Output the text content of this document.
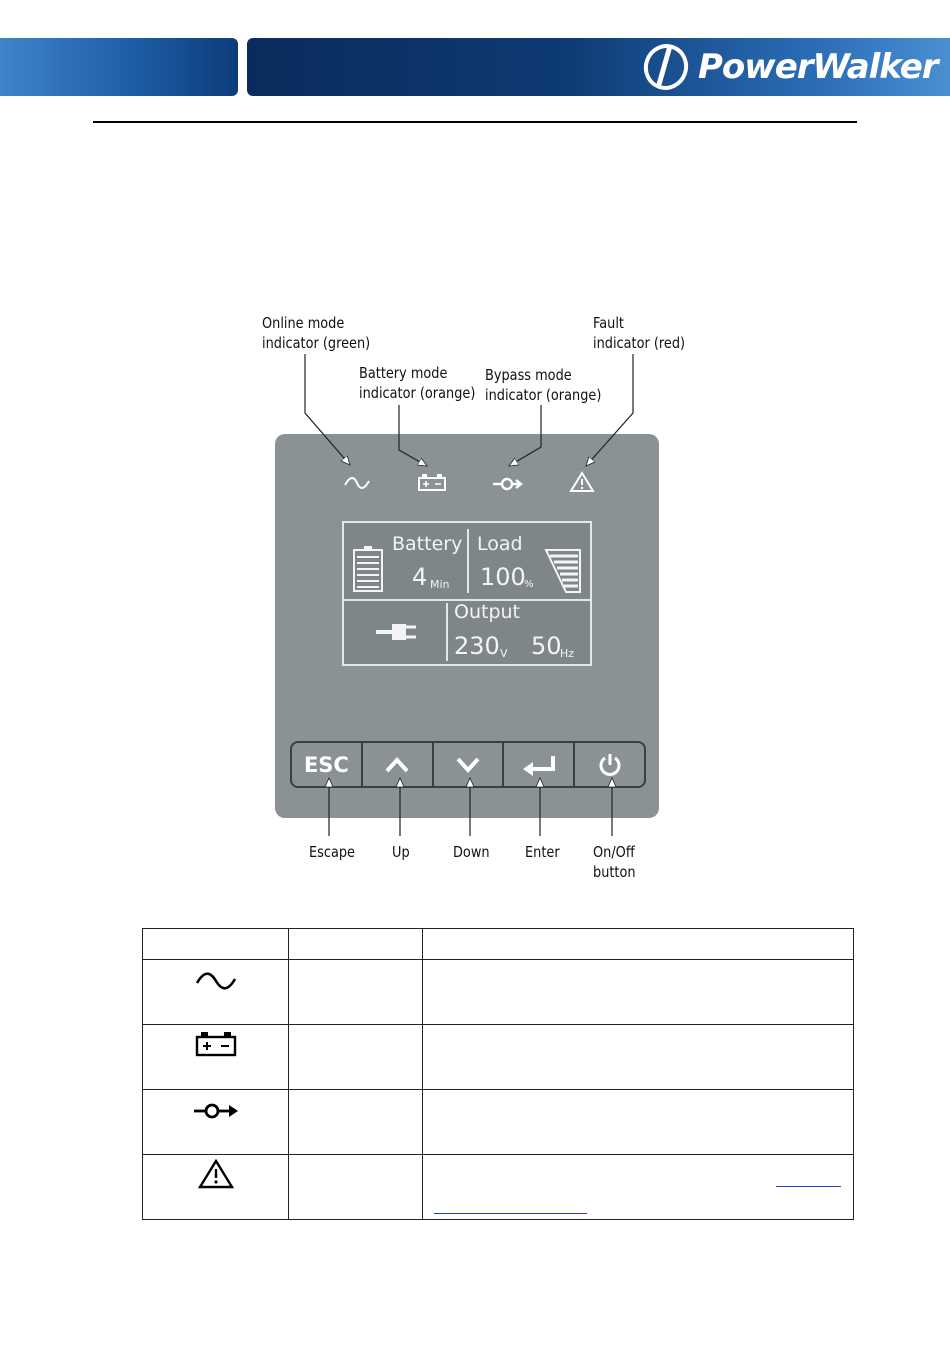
PowerWalker
Online mode
indicator (green)
Battery mode
indicator (orange)
Bypass mode
indicator (orange)
Fault
indicator (red)
Battery
4 Min
Load
100
%
Output
230 V 50
Hz
ESC
Escape Up	Down Enter On/Off
button
